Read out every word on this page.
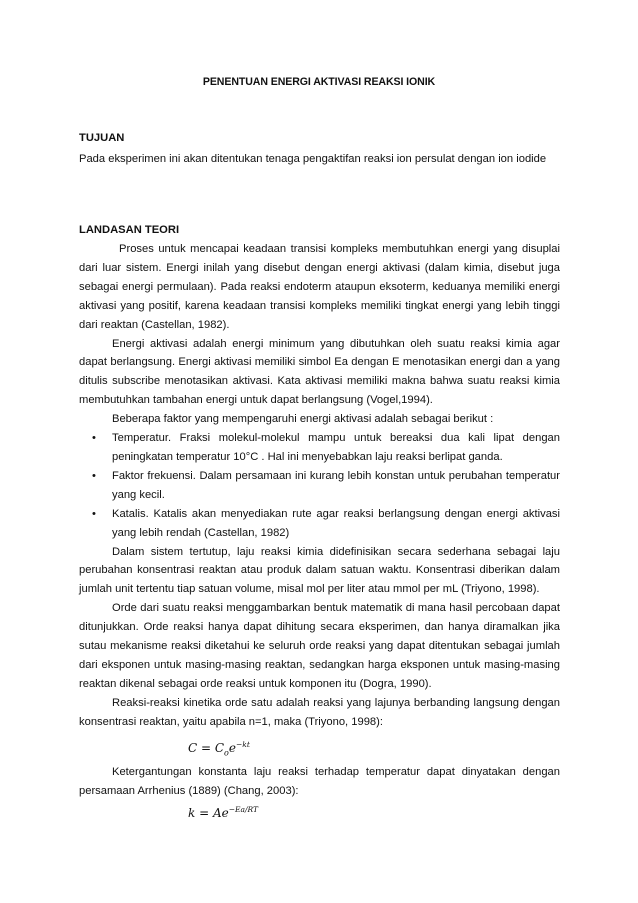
PENENTUAN ENERGI AKTIVASI REAKSI IONIK
TUJUAN

Pada eksperimen ini akan ditentukan tenaga pengaktifan reaksi ion persulat dengan ion iodide

LANDASAN TEORI

Proses untuk mencapai keadaan transisi kompleks membutuhkan energi yang disuplai dari luar sistem. Energi inilah yang disebut dengan energi aktivasi (dalam kimia, disebut juga sebagai energi permulaan). Pada reaksi endoterm ataupun eksoterm, keduanya memiliki energi aktivasi yang positif, karena keadaan transisi kompleks memiliki tingkat energi yang lebih tinggi dari reaktan (Castellan, 1982).

Energi aktivasi adalah energi minimum yang dibutuhkan oleh suatu reaksi kimia agar dapat berlangsung. Energi aktivasi memiliki simbol Ea dengan E menotasikan energi dan a yang ditulis subscribe menotasikan aktivasi. Kata aktivasi memiliki makna bahwa suatu reaksi kimia membutuhkan tambahan energi untuk dapat berlangsung (Vogel,1994).

Beberapa faktor yang mempengaruhi energi aktivasi adalah sebagai berikut :

• Temperatur. Fraksi molekul-molekul mampu untuk bereaksi dua kali lipat dengan peningkatan temperatur 10°C . Hal ini menyebabkan laju reaksi berlipat ganda.
• Faktor frekuensi. Dalam persamaan ini kurang lebih konstan untuk perubahan temperatur yang kecil.
• Katalis. Katalis akan menyediakan rute agar reaksi berlangsung dengan energi aktivasi yang lebih rendah (Castellan, 1982)

Dalam sistem tertutup, laju reaksi kimia didefinisikan secara sederhana sebagai laju perubahan konsentrasi reaktan atau produk dalam satuan waktu. Konsentrasi diberikan dalam jumlah unit tertentu tiap satuan volume, misal mol per liter atau mmol per mL (Triyono, 1998).

Orde dari suatu reaksi menggambarkan bentuk matematik di mana hasil percobaan dapat ditunjukkan. Orde reaksi hanya dapat dihitung secara eksperimen, dan hanya diramalkan jika sutau mekanisme reaksi diketahui ke seluruh orde reaksi yang dapat ditentukan sebagai jumlah dari eksponen untuk masing-masing reaktan, sedangkan harga eksponen untuk masing-masing reaktan dikenal sebagai orde reaksi untuk komponen itu (Dogra, 1990).

Reaksi-reaksi kinetika orde satu adalah reaksi yang lajunya berbanding langsung dengan konsentrasi reaktan, yaitu apabila n=1, maka (Triyono, 1998):

$C = C_oe^{-kt}$

Ketergantungan konstanta laju reaksi terhadap temperatur dapat dinyatakan dengan persamaan Arrhenius (1889) (Chang, 2003):

$k = Ae^{-Ea/RT}$
